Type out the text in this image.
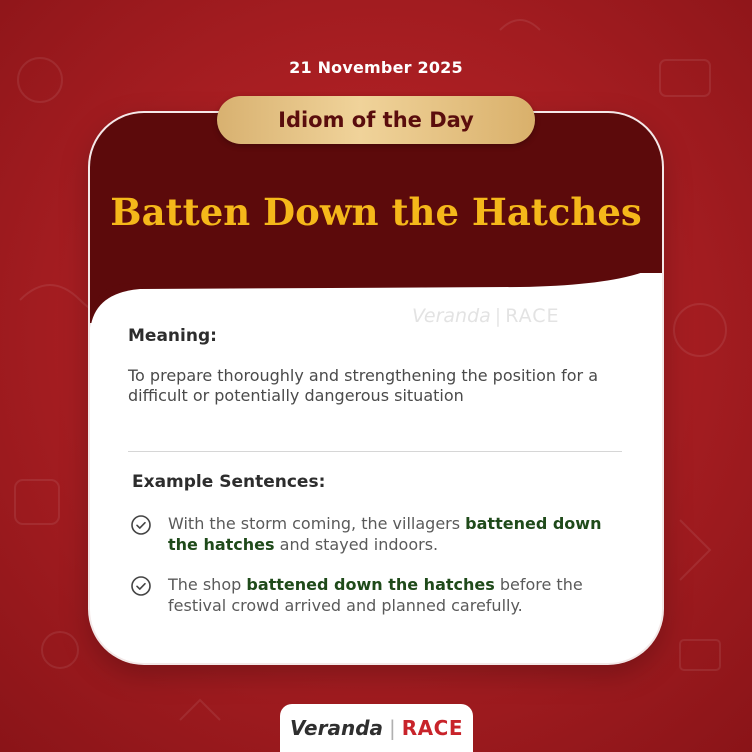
21 November 2025
Idiom of the Day
Batten Down the Hatches
Veranda | RACE
Meaning:
To prepare thoroughly and strengthening the position for a difficult or potentially dangerous situation
Example Sentences:
With the storm coming, the villagers battened down the hatches and stayed indoors.
The shop battened down the hatches before the festival crowd arrived and planned carefully.
Veranda | RACE
